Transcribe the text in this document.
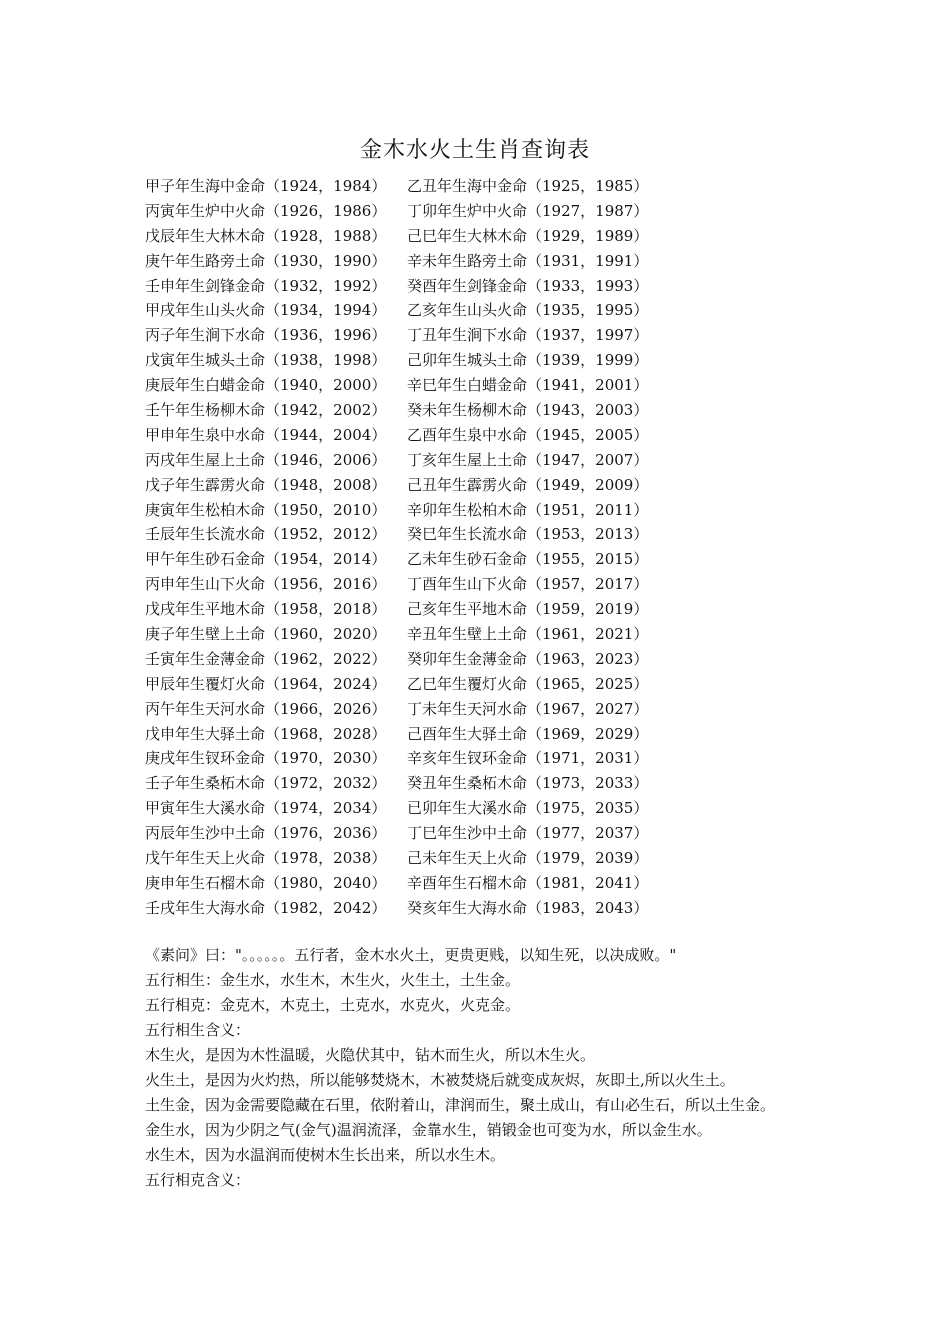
金木水火土生肖查询表
甲子年生海中金命（1924，1984） 乙丑年生海中金命（1925，1985）
丙寅年生炉中火命（1926，1986） 丁卯年生炉中火命（1927，1987）
戊辰年生大林木命（1928，1988） 己巳年生大林木命（1929，1989）
庚午年生路旁土命（1930，1990） 辛未年生路旁土命（1931，1991）
壬申年生剑锋金命（1932，1992） 癸酉年生剑锋金命（1933，1993）
甲戌年生山头火命（1934，1994） 乙亥年生山头火命（1935，1995）
丙子年生涧下水命（1936，1996） 丁丑年生涧下水命（1937，1997）
戊寅年生城头土命（1938，1998） 己卯年生城头土命（1939，1999）
庚辰年生白蜡金命（1940，2000） 辛巳年生白蜡金命（1941，2001）
壬午年生杨柳木命（1942，2002） 癸未年生杨柳木命（1943，2003）
甲申年生泉中水命（1944，2004） 乙酉年生泉中水命（1945，2005）
丙戌年生屋上土命（1946，2006） 丁亥年生屋上土命（1947，2007）
戊子年生霹雳火命（1948，2008） 己丑年生霹雳火命（1949，2009）
庚寅年生松柏木命（1950，2010） 辛卯年生松柏木命（1951，2011）
壬辰年生长流水命（1952，2012） 癸巳年生长流水命（1953，2013）
甲午年生砂石金命（1954，2014） 乙未年生砂石金命（1955，2015）
丙申年生山下火命（1956，2016） 丁酉年生山下火命（1957，2017）
戊戌年生平地木命（1958，2018） 己亥年生平地木命（1959，2019）
庚子年生壁上土命（1960，2020） 辛丑年生壁上土命（1961，2021）
壬寅年生金薄金命（1962，2022） 癸卯年生金薄金命（1963，2023）
甲辰年生覆灯火命（1964，2024） 乙巳年生覆灯火命（1965，2025）
丙午年生天河水命（1966，2026） 丁未年生天河水命（1967，2027）
戊申年生大驿土命（1968，2028） 己酉年生大驿土命（1969，2029）
庚戌年生钗环金命（1970，2030） 辛亥年生钗环金命（1971，2031）
壬子年生桑柘木命（1972，2032） 癸丑年生桑柘木命（1973，2033）
甲寅年生大溪水命（1974，2034） 已卯年生大溪水命（1975，2035）
丙辰年生沙中土命（1976，2036） 丁巳年生沙中土命（1977，2037）
戊午年生天上火命（1978，2038） 己未年生天上火命（1979，2039）
庚申年生石榴木命（1980，2040） 辛酉年生石榴木命（1981，2041）
壬戌年生大海水命（1982，2042） 癸亥年生大海水命（1983，2043）

《素问》曰："。。。。。。五行者，金木水火土，更贵更贱，以知生死，以决成败。"

五行相生：金生水，水生木，木生火，火生土，土生金。

五行相克：金克木，木克土，土克水，水克火，火克金。

五行相生含义：

木生火，是因为木性温暖，火隐伏其中，钻木而生火，所以木生火。

火生土，是因为火灼热，所以能够焚烧木，木被焚烧后就变成灰烬，灰即土,所以火生土。

土生金，因为金需要隐藏在石里，依附着山，津润而生，聚土成山，有山必生石，所以土生金。

金生水，因为少阴之气(金气)温润流泽，金靠水生，销锻金也可变为水，所以金生水。

水生木，因为水温润而使树木生长出来，所以水生木。

五行相克含义：
